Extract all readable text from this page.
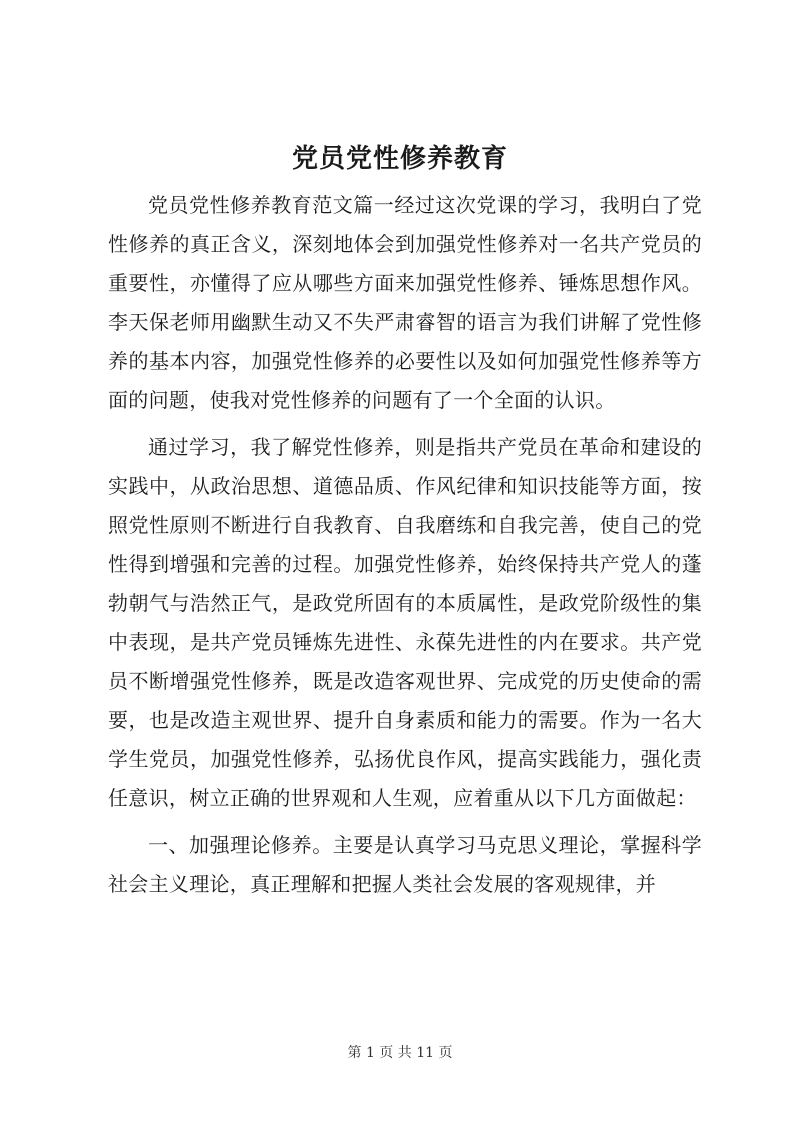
党员党性修养教育

党员党性修养教育范文篇一经过这次党课的学习，我明白了党性修养的真正含义，深刻地体会到加强党性修养对一名共产党员的重要性，亦懂得了应从哪些方面来加强党性修养、锤炼思想作风。李天保老师用幽默生动又不失严肃睿智的语言为我们讲解了党性修养的基本内容，加强党性修养的必要性以及如何加强党性修养等方面的问题，使我对党性修养的问题有了一个全面的认识。

通过学习，我了解党性修养，则是指共产党员在革命和建设的实践中，从政治思想、道德品质、作风纪律和知识技能等方面，按照党性原则不断进行自我教育、自我磨练和自我完善，使自己的党性得到增强和完善的过程。加强党性修养，始终保持共产党人的蓬勃朝气与浩然正气，是政党所固有的本质属性，是政党阶级性的集中表现，是共产党员锤炼先进性、永葆先进性的内在要求。共产党员不断增强党性修养，既是改造客观世界、完成党的历史使命的需要，也是改造主观世界、提升自身素质和能力的需要。作为一名大学生党员，加强党性修养，弘扬优良作风，提高实践能力，强化责任意识，树立正确的世界观和人生观，应着重从以下几方面做起：

一、加强理论修养。主要是认真学习马克思义理论，掌握科学社会主义理论，真正理解和把握人类社会发展的客观规律，并

第 1 页 共 11 页
